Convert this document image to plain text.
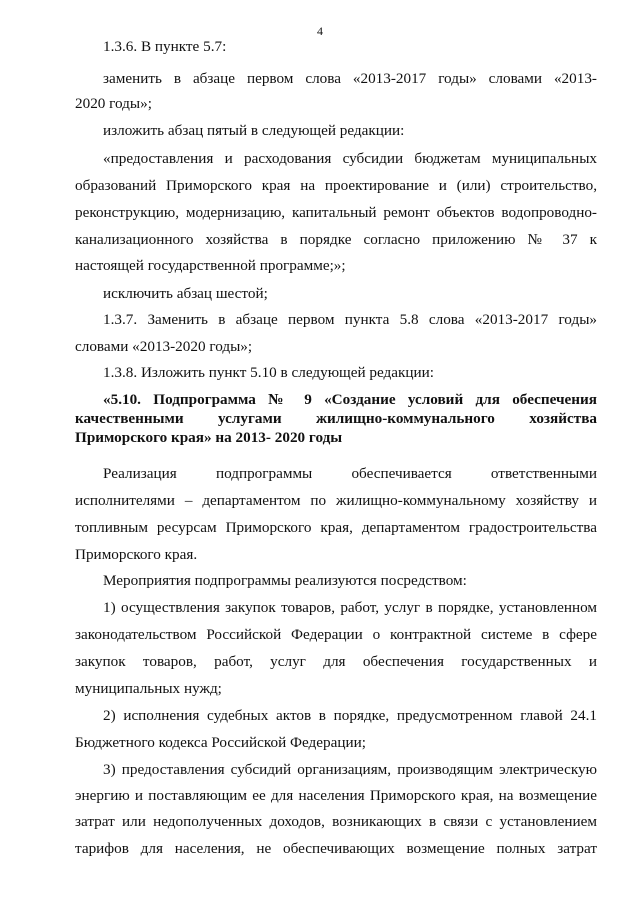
4

1.3.6. В пункте 5.7:

заменить в абзаце первом слова «2013-2017 годы» словами «2013-

2020 годы»;

изложить абзац пятый в следующей редакции:

«предоставления и расходования субсидии бюджетам муниципальных

образований Приморского края на проектирование и (или) строительство,

реконструкцию, модернизацию, капитальный ремонт объектов водопроводно-

канализационного хозяйства в порядке согласно приложению № 37 к

настоящей государственной программе;»;

исключить абзац шестой;

1.3.7. Заменить в абзаце первом пункта 5.8 слова «2013-2017 годы»

словами «2013-2020 годы»;

1.3.8. Изложить пункт 5.10 в следующей редакции:

«5.10. Подпрограмма № 9 «Создание условий для обеспечения

качественными услугами жилищно-коммунального хозяйства

Приморского края» на 2013- 2020 годы

Реализация подпрограммы обеспечивается ответственными

исполнителями – департаментом по жилищно-коммунальному хозяйству и

топливным ресурсам Приморского края, департаментом градостроительства

Приморского края.

Мероприятия подпрограммы реализуются посредством:

1) осуществления закупок товаров, работ, услуг в порядке, установленном

законодательством Российской Федерации о контрактной системе в сфере

закупок товаров, работ, услуг для обеспечения государственных и

муниципальных нужд;

2) исполнения судебных актов в порядке, предусмотренном главой 24.1

Бюджетного кодекса Российской Федерации;

3) предоставления субсидий организациям, производящим электрическую

энергию и поставляющим ее для населения Приморского края, на возмещение

затрат или недополученных доходов, возникающих в связи с установлением

тарифов для населения, не обеспечивающих возмещение полных затрат
